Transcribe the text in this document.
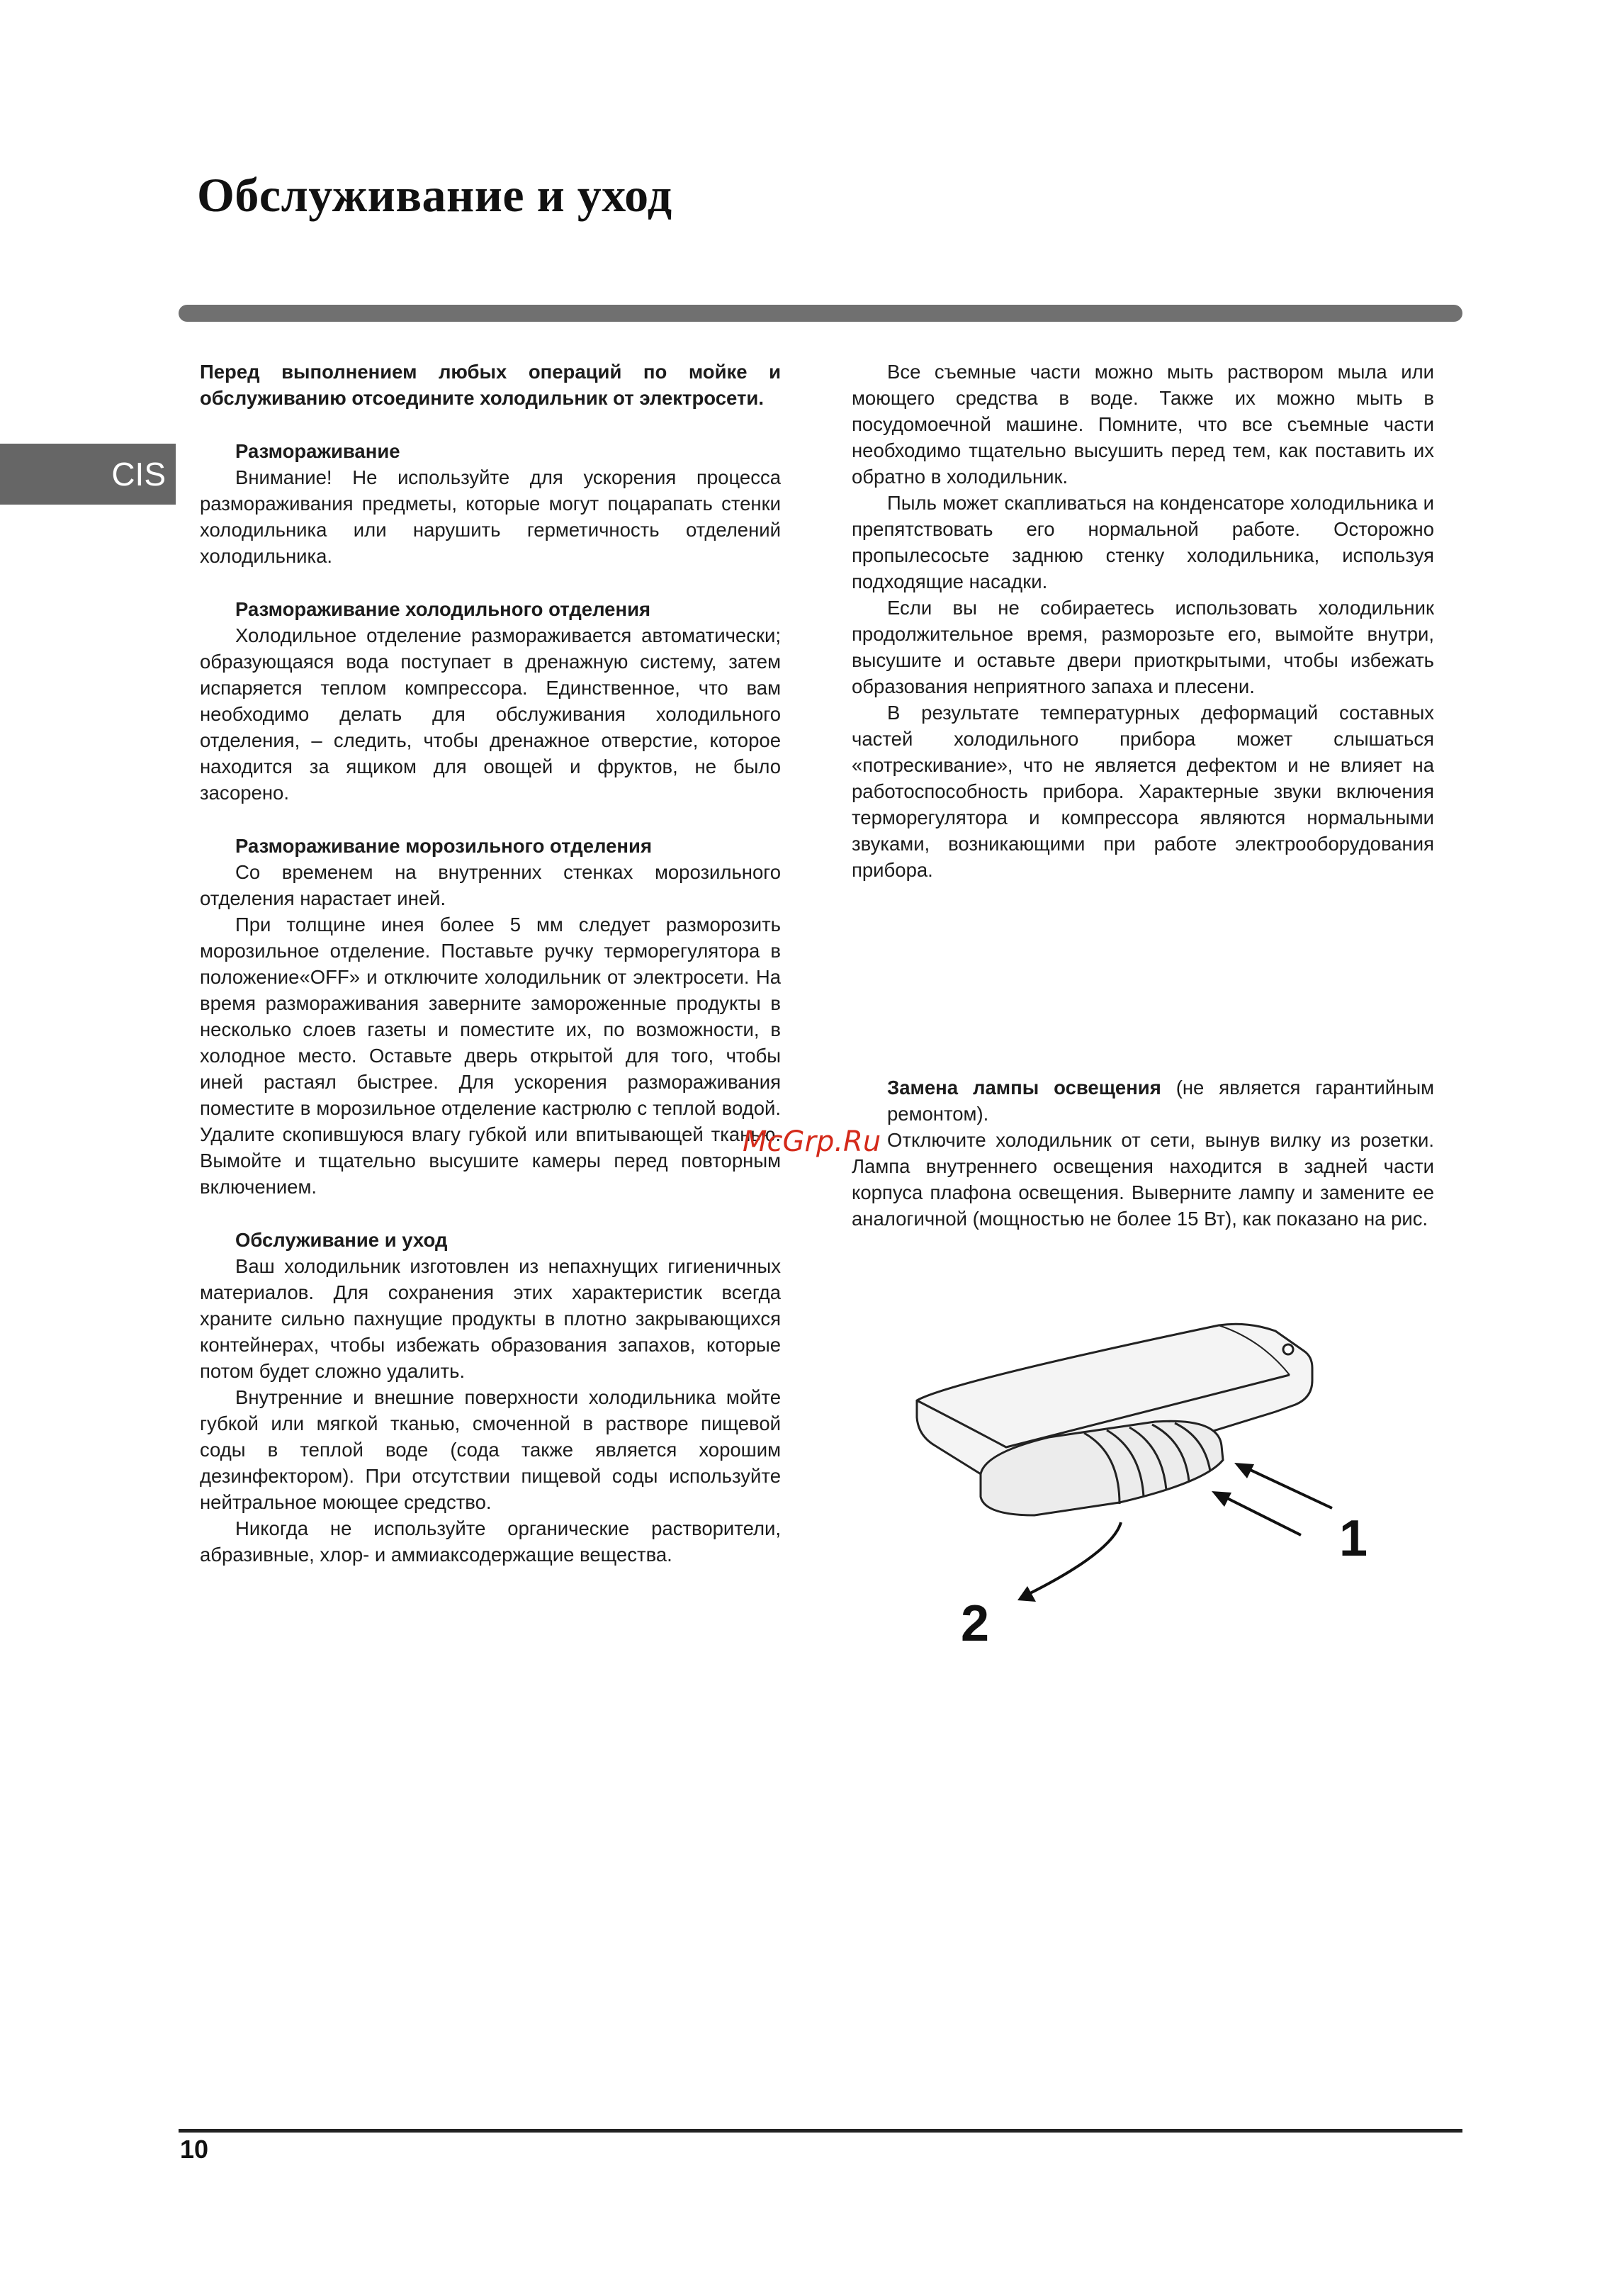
Обслуживание и уход
CIS

Перед выполнением любых операций по мойке и обслуживанию отсоедините холодильник от электросети.

Размораживание

Внимание! Не используйте для ускорения процесса размораживания предметы, которые могут поцарапать стенки холодильника или нарушить герметичность отделений холодильника.

Размораживание холодильного отделения

Холодильное отделение размораживается автоматически; образующаяся вода поступает в дренажную систему, затем испаряется теплом компрессора. Единственное, что вам необходимо делать для обслуживания холодильного отделения, – следить, чтобы дренажное отверстие, которое находится за ящиком для овощей и фруктов, не было засорено.

Размораживание морозильного отделения

Со временем на внутренних стенках морозильного отделения нарастает иней.

При толщине инея более 5 мм следует разморозить морозильное отделение. Поставьте ручку терморегулятора в положение«OFF» и отключите холодильник от электросети. На время размораживания заверните замороженные продукты в несколько слоев газеты и поместите их, по возможности, в холодное место. Оставьте дверь открытой для того, чтобы иней растаял быстрее. Для ускорения размораживания поместите в морозильное отделение кастрюлю с теплой водой. Удалите скопившуюся влагу губкой или впитывающей тканью. Вымойте и тщательно высушите камеры перед повторным включением.

Обслуживание и уход

Ваш холодильник изготовлен из непахнущих гигиеничных материалов. Для сохранения этих характеристик всегда храните сильно пахнущие продукты в плотно закрывающихся контейнерах, чтобы избежать образования запахов, которые потом будет сложно удалить.

Внутренние и внешние поверхности холодильника мойте губкой или мягкой тканью, смоченной в растворе пищевой соды в теплой воде (сода также является хорошим дезинфектором). При отсутствии пищевой соды используйте нейтральное моющее средство.

Никогда не используйте органические растворители, абразивные, хлор- и аммиаксодержащие вещества.

Все съемные части можно мыть раствором мыла или моющего средства в воде. Также их можно мыть в посудомоечной машине. Помните, что все съемные части необходимо тщательно высушить перед тем, как поставить их обратно в холодильник.

Пыль может скапливаться на конденсаторе холодильника и препятствовать его нормальной работе. Осторожно пропылесосьте заднюю стенку холодильника, используя подходящие насадки.

Если вы не собираетесь использовать холодильник продолжительное время, разморозьте его, вымойте внутри, высушите и оставьте двери приоткрытыми, чтобы избежать образования неприятного запаха и плесени.

В результате температурных деформаций составных частей холодильного прибора может слышаться «потрескивание», что не является дефектом и не влияет на работоспособность прибора. Характерные звуки включения терморегулятора и компрессора являются нормальными звуками, возникающими при работе электрооборудования прибора.

Замена лампы освещения (не является гарантийным ремонтом).

Отключите холодильник от сети, вынув вилку из розетки. Лампа внутреннего освещения находится в задней части корпуса плафона освещения. Выверните лампу и замените ее аналогичной (мощностью не более 15 Вт), как показано на рис.

McGrp.Ru
1
2
10
